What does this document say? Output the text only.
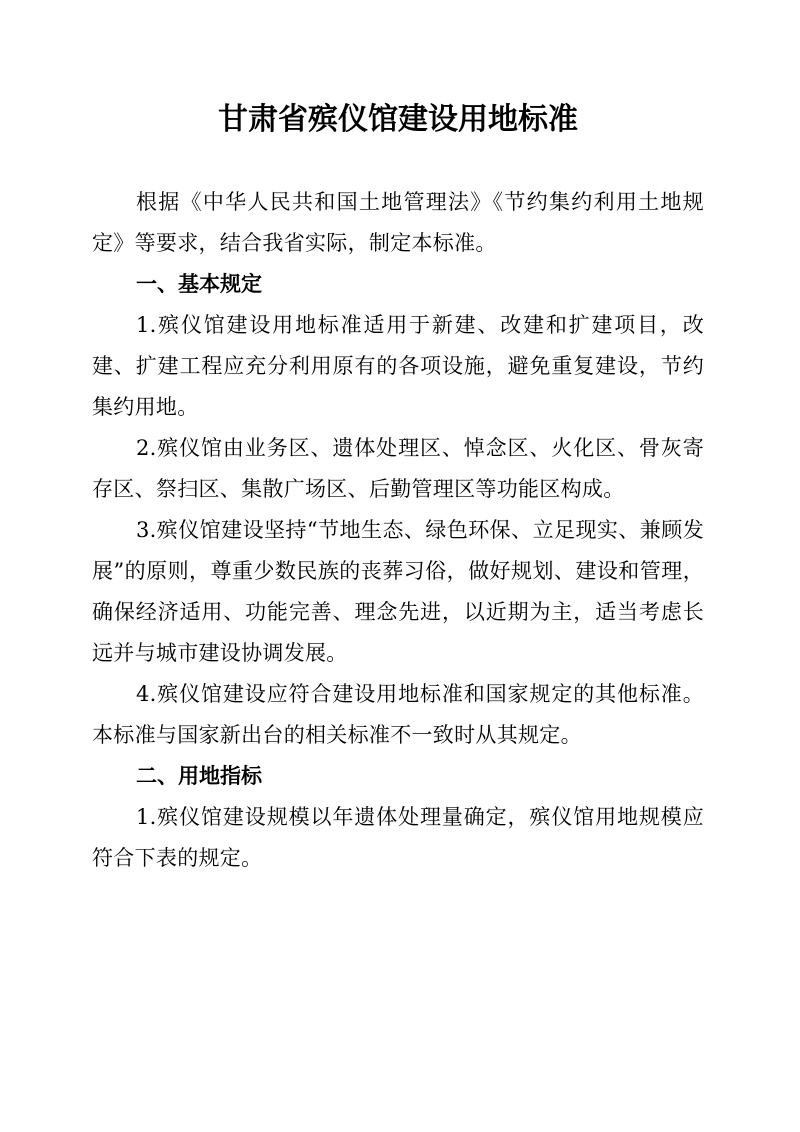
甘肃省殡仪馆建设用地标准

根据《中华人民共和国土地管理法》《节约集约利用土地规定》等要求，结合我省实际，制定本标准。

一、基本规定

1.殡仪馆建设用地标准适用于新建、改建和扩建项目，改建、扩建工程应充分利用原有的各项设施，避免重复建设，节约集约用地。

2.殡仪馆由业务区、遗体处理区、悼念区、火化区、骨灰寄存区、祭扫区、集散广场区、后勤管理区等功能区构成。

3.殡仪馆建设坚持“节地生态、绿色环保、立足现实、兼顾发展”的原则，尊重少数民族的丧葬习俗，做好规划、建设和管理，确保经济适用、功能完善、理念先进，以近期为主，适当考虑长远并与城市建设协调发展。

4.殡仪馆建设应符合建设用地标准和国家规定的其他标准。本标准与国家新出台的相关标准不一致时从其规定。

二、用地指标

1.殡仪馆建设规模以年遗体处理量确定，殡仪馆用地规模应符合下表的规定。
